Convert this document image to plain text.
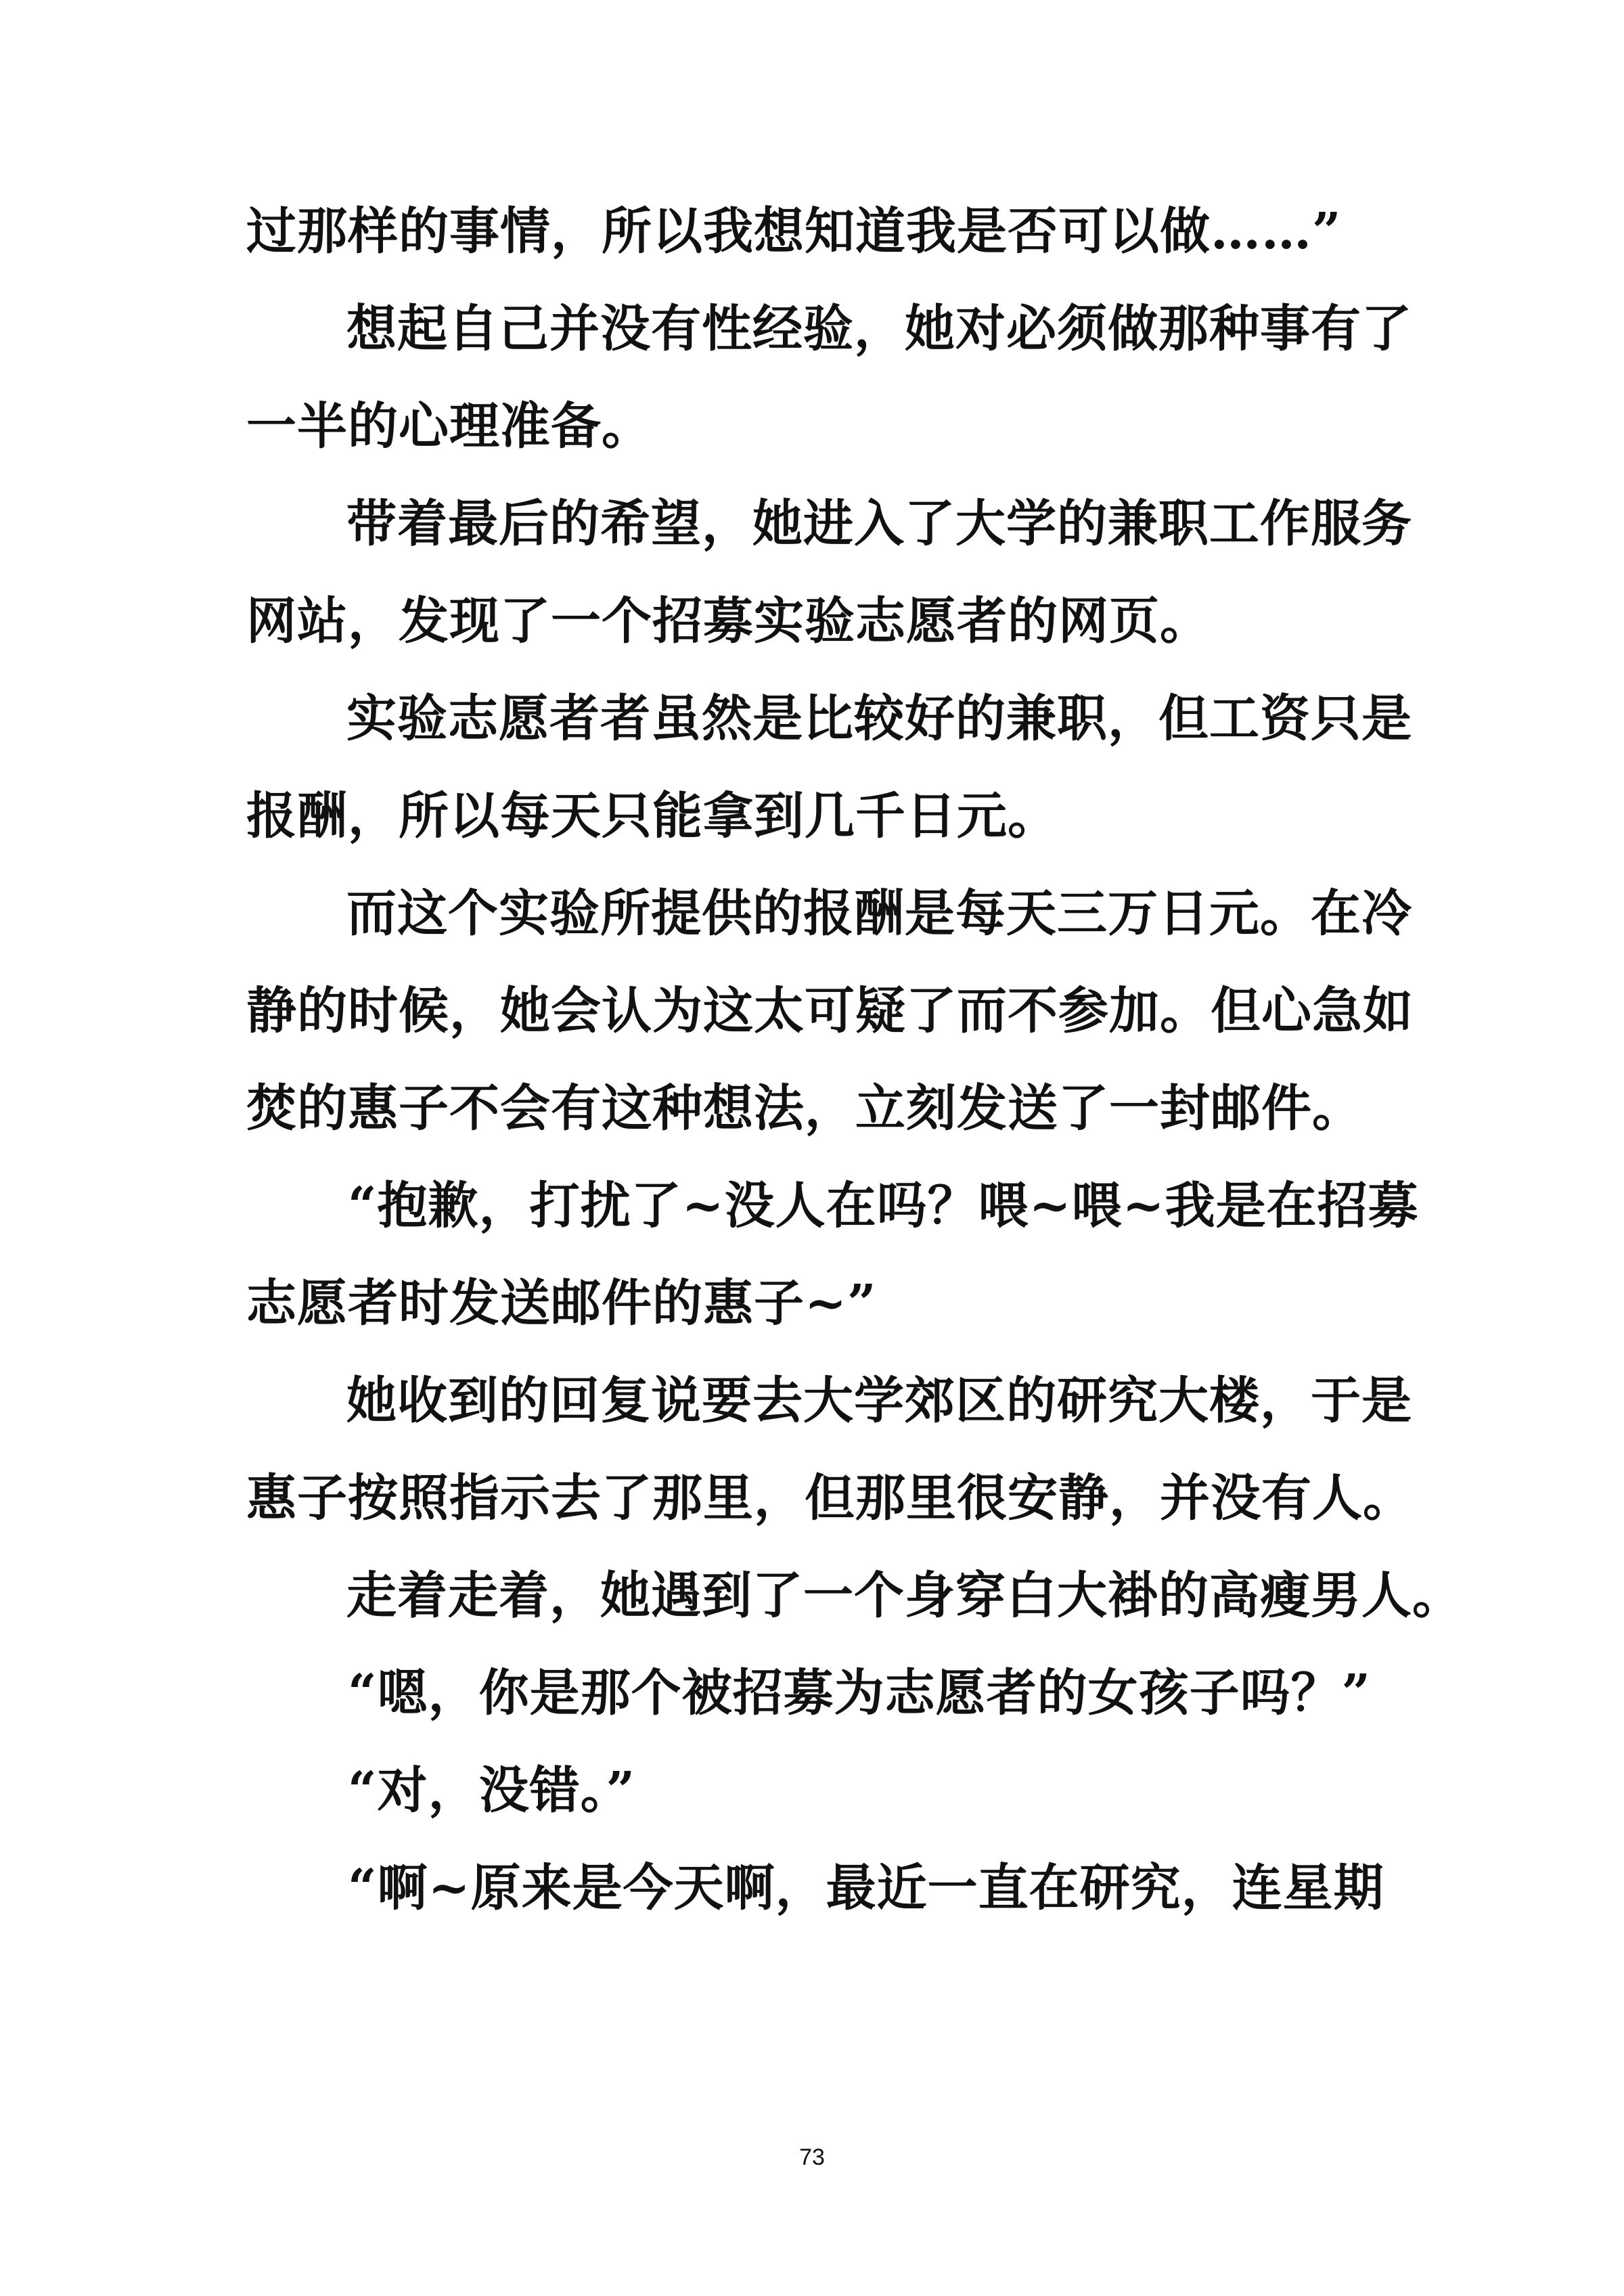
过那样的事情，所以我想知道我是否可以做……”
想起自己并没有性经验，她对必须做那种事有了
一半的心理准备。
带着最后的希望，她进入了大学的兼职工作服务
网站，发现了一个招募实验志愿者的网页。
实验志愿者者虽然是比较好的兼职，但工资只是
报酬，所以每天只能拿到几千日元。
而这个实验所提供的报酬是每天三万日元。在冷
静的时候，她会认为这太可疑了而不参加。但心急如
焚的惠子不会有这种想法，立刻发送了一封邮件。
“抱歉，打扰了~没人在吗？喂~喂~我是在招募
志愿者时发送邮件的惠子~”
她收到的回复说要去大学郊区的研究大楼，于是
惠子按照指示去了那里，但那里很安静，并没有人。
走着走着，她遇到了一个身穿白大褂的高瘦男人。
“嗯，你是那个被招募为志愿者的女孩子吗？”
“对，没错。”
“啊~原来是今天啊，最近一直在研究，连星期
73
